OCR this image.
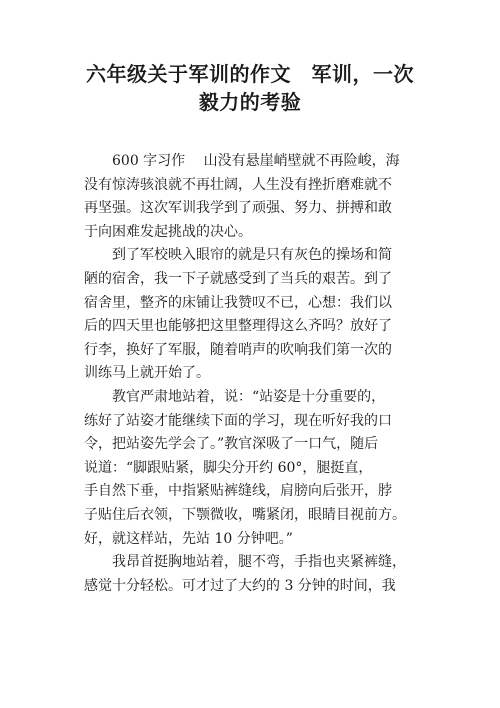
六年级关于军训的作文　军训，一次
毅力的考验
　　600 字习作　 山没有悬崖峭壁就不再险峻，海
没有惊涛骇浪就不再壮阔，人生没有挫折磨难就不
再坚强。这次军训我学到了顽强、努力、拼搏和敢
于向困难发起挑战的决心。
　　到了军校映入眼帘的就是只有灰色的操场和简
陋的宿舍，我一下子就感受到了当兵的艰苦。到了
宿舍里，整齐的床铺让我赞叹不已，心想：我们以
后的四天里也能够把这里整理得这么齐吗？放好了
行李，换好了军服，随着哨声的吹响我们第一次的
训练马上就开始了。
　　教官严肃地站着，说：“站姿是十分重要的，
练好了站姿才能继续下面的学习，现在听好我的口
令，把站姿先学会了。”教官深吸了一口气，随后
说道：“脚跟贴紧，脚尖分开约 60°，腿挺直，
手自然下垂，中指紧贴裤缝线，肩膀向后张开，脖
子贴住后衣领，下颚微收，嘴紧闭，眼睛目视前方。
好，就这样站，先站 10 分钟吧。”
　　我昂首挺胸地站着，腿不弯，手指也夹紧裤缝，
感觉十分轻松。可才过了大约的 3 分钟的时间，我
